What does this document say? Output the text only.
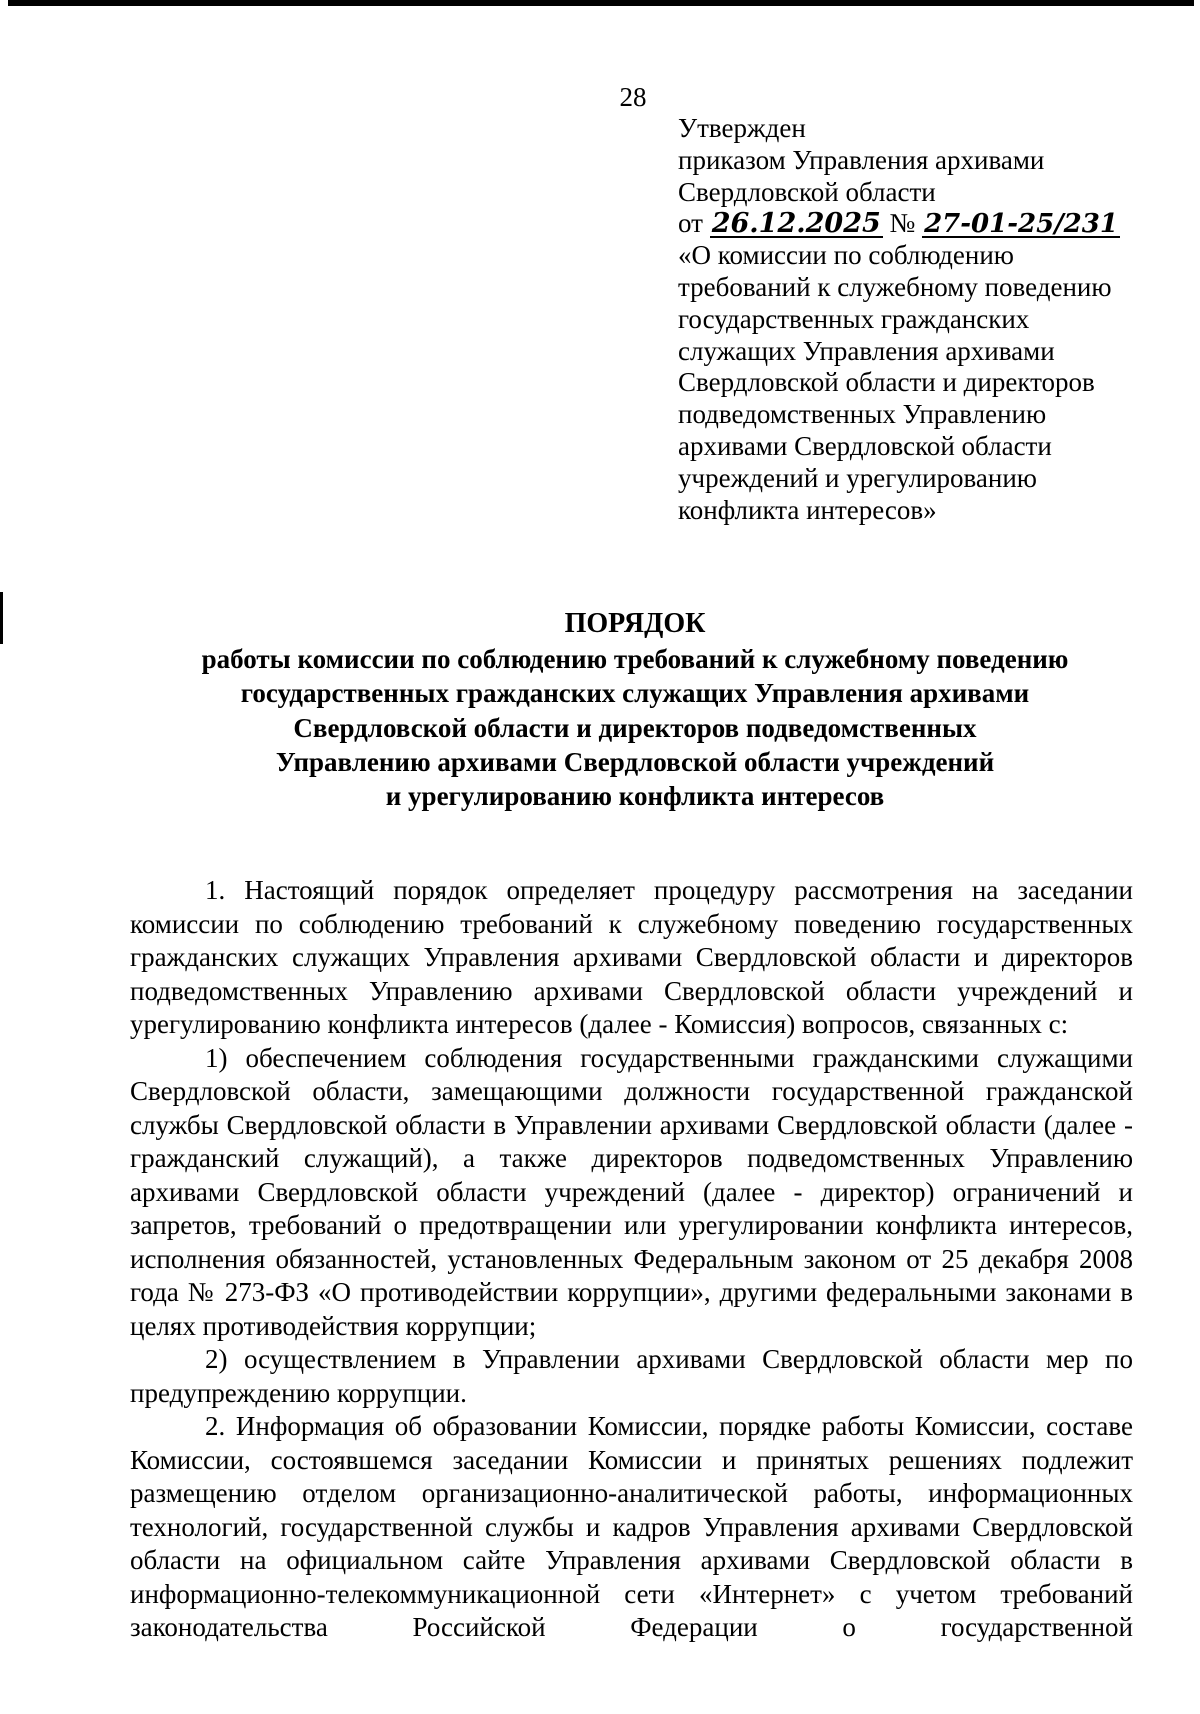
28
Утвержден
приказом Управления архивами
Свердловской области
от 26.12.2025 № 27-01-25/231
«О комиссии по соблюдению
требований к служебному поведению
государственных гражданских
служащих Управления архивами
Свердловской области и директоров
подведомственных Управлению
архивами Свердловской области
учреждений и урегулированию
конфликта интересов»
ПОРЯДОК
работы комиссии по соблюдению требований к служебному поведению
государственных гражданских служащих Управления архивами
Свердловской области и директоров подведомственных
Управлению архивами Свердловской области учреждений
и урегулированию конфликта интересов

1. Настоящий порядок определяет процедуру рассмотрения на заседании комиссии по соблюдению требований к служебному поведению государственных гражданских служащих Управления архивами Свердловской области и директоров подведомственных Управлению архивами Свердловской области учреждений и урегулированию конфликта интересов (далее - Комиссия) вопросов, связанных с:

1) обеспечением соблюдения государственными гражданскими служащими Свердловской области, замещающими должности государственной гражданской службы Свердловской области в Управлении архивами Свердловской области (далее - гражданский служащий), а также директоров подведомственных Управлению архивами Свердловской области учреждений (далее - директор) ограничений и запретов, требований о предотвращении или урегулировании конфликта интересов, исполнения обязанностей, установленных Федеральным законом от 25 декабря 2008 года № 273-ФЗ «О противодействии коррупции», другими федеральными законами в целях противодействия коррупции;

2) осуществлением в Управлении архивами Свердловской области мер по предупреждению коррупции.

2. Информация об образовании Комиссии, порядке работы Комиссии, составе Комиссии, состоявшемся заседании Комиссии и принятых решениях подлежит размещению отделом организационно-аналитической работы, информационных технологий, государственной службы и кадров Управления архивами Свердловской области на официальном сайте Управления архивами Свердловской области в информационно-телекоммуникационной сети «Интернет» с учетом требований законодательства Российской Федерации о государственной
